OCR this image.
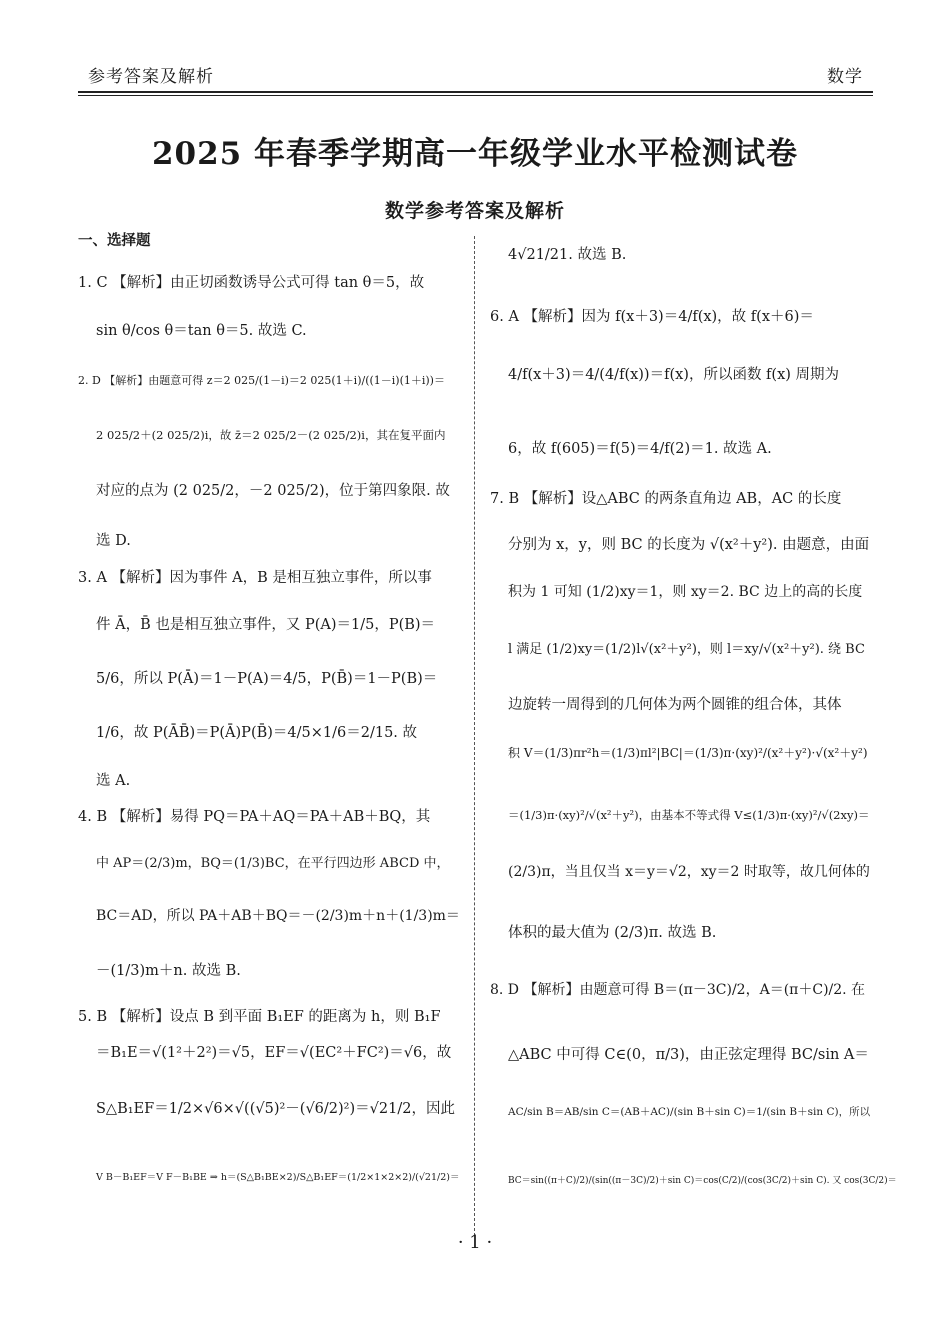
参考答案及解析	数学
2025 年春季学期高一年级学业水平检测试卷
数学参考答案及解析
一、选择题
1. C 【解析】由正切函数诱导公式可得 tan θ＝5，故
sin θ/cos θ＝tan θ＝5. 故选 C.
2. D 【解析】由题意可得 z＝2 025/(1－i)＝2 025(1＋i)/((1－i)(1＋i))＝
2 025/2＋(2 025/2)i，故 z̄＝2 025/2－(2 025/2)i，其在复平面内
对应的点为 (2 025/2，－2 025/2)，位于第四象限. 故
选 D.
3. A 【解析】因为事件 A，B 是相互独立事件，所以事
件 Ā，B̄ 也是相互独立事件，又 P(A)＝1/5，P(B)＝
5/6，所以 P(Ā)＝1－P(A)＝4/5，P(B̄)＝1－P(B)＝
1/6，故 P(ĀB̄)＝P(Ā)P(B̄)＝4/5×1/6＝2/15. 故
选 A.
4. B 【解析】易得 PQ＝PA＋AQ＝PA＋AB＋BQ，其
中 AP＝(2/3)m，BQ＝(1/3)BC，在平行四边形 ABCD 中，
BC＝AD，所以 PA＋AB＋BQ＝－(2/3)m＋n＋(1/3)m＝
－(1/3)m＋n. 故选 B.
5. B 【解析】设点 B 到平面 B₁EF 的距离为 h，则 B₁F
＝B₁E＝√(1²＋2²)＝√5，EF＝√(EC²＋FC²)＝√6，故
S△B₁EF＝1/2×√6×√((√5)²－(√6/2)²)＝√21/2，因此
V B－B₁EF＝V F－B₁BE ⇒ h＝(S△B₁BE×2)/S△B₁EF＝(1/2×1×2×2)/(√21/2)＝
4√21/21. 故选 B.
6. A 【解析】因为 f(x＋3)＝4/f(x)，故 f(x＋6)＝
4/f(x＋3)＝4/(4/f(x))＝f(x)，所以函数 f(x) 周期为
6，故 f(605)＝f(5)＝4/f(2)＝1. 故选 A.
7. B 【解析】设△ABC 的两条直角边 AB，AC 的长度
分别为 x，y，则 BC 的长度为 √(x²＋y²). 由题意，由面
积为 1 可知 (1/2)xy＝1，则 xy＝2. BC 边上的高的长度
l 满足 (1/2)xy＝(1/2)l√(x²＋y²)，则 l＝xy/√(x²＋y²). 绕 BC
边旋转一周得到的几何体为两个圆锥的组合体，其体
积 V＝(1/3)πr²h＝(1/3)πl²|BC|＝(1/3)π·(xy)²/(x²＋y²)·√(x²＋y²)
＝(1/3)π·(xy)²/√(x²＋y²)，由基本不等式得 V≤(1/3)π·(xy)²/√(2xy)＝
(2/3)π，当且仅当 x＝y＝√2，xy＝2 时取等，故几何体的
体积的最大值为 (2/3)π. 故选 B.
8. D 【解析】由题意可得 B＝(π－3C)/2，A＝(π＋C)/2. 在
△ABC 中可得 C∈(0，π/3)，由正弦定理得 BC/sin A＝
AC/sin B＝AB/sin C＝(AB＋AC)/(sin B＋sin C)＝1/(sin B＋sin C)，所以
BC＝sin((π＋C)/2)/(sin((π－3C)/2)＋sin C)＝cos(C/2)/(cos(3C/2)＋sin C). 又 cos(3C/2)＝
· 1 ·
